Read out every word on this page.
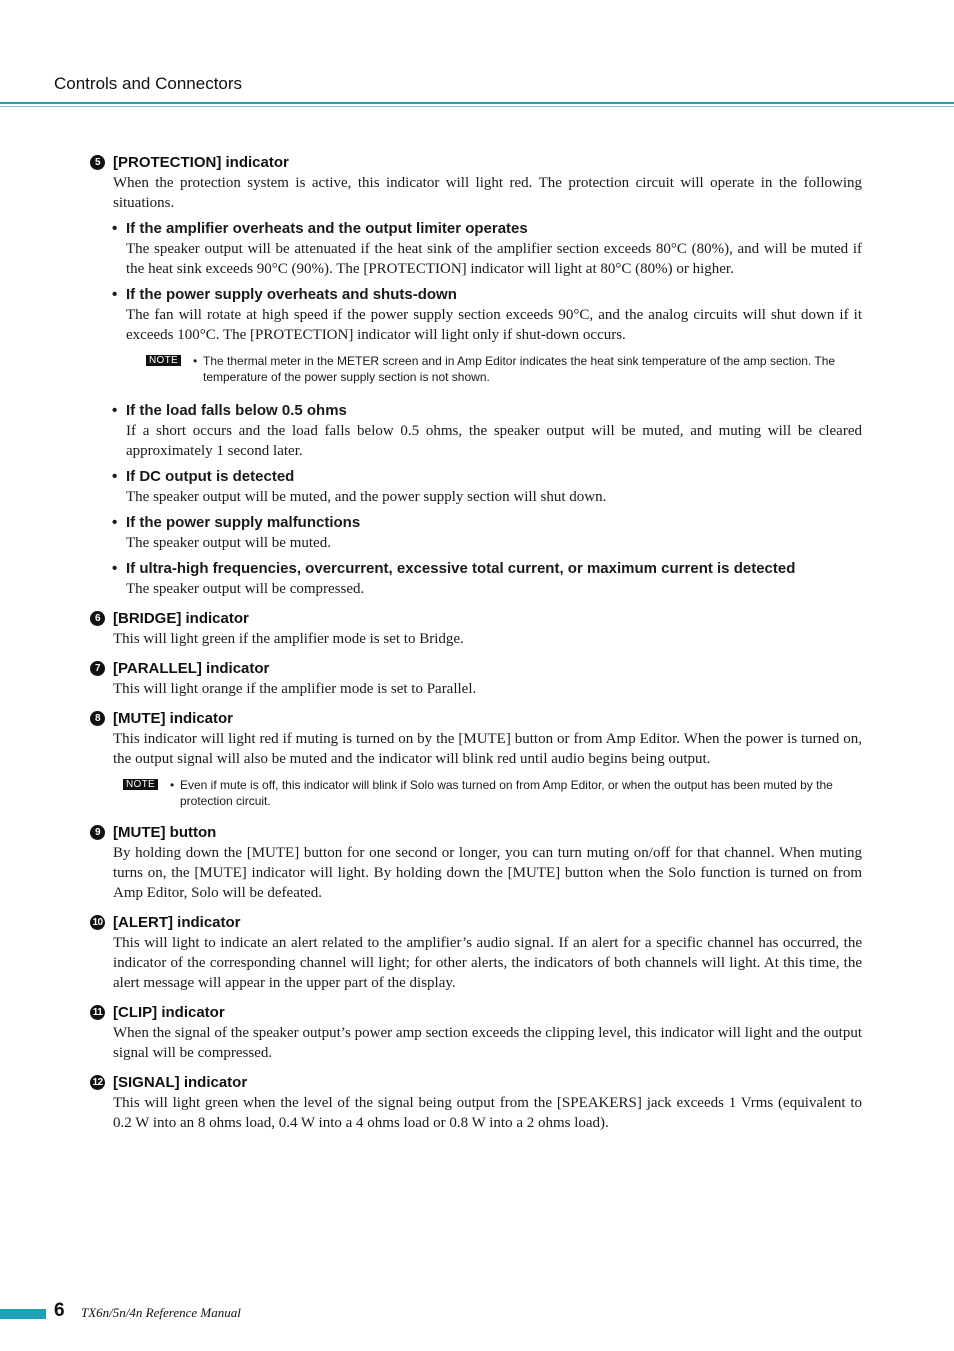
Controls and Connectors
5 [PROTECTION] indicator
When the protection system is active, this indicator will light red. The protection circuit will operate in the following situations.
• If the amplifier overheats and the output limiter operates
The speaker output will be attenuated if the heat sink of the amplifier section exceeds 80°C (80%), and will be muted if the heat sink exceeds 90°C (90%). The [PROTECTION] indicator will light at 80°C (80%) or higher.
• If the power supply overheats and shuts-down
The fan will rotate at high speed if the power supply section exceeds 90°C, and the analog circuits will shut down if it exceeds 100°C. The [PROTECTION] indicator will light only if shut-down occurs.
NOTE • The thermal meter in the METER screen and in Amp Editor indicates the heat sink temperature of the amp section. The temperature of the power supply section is not shown.
• If the load falls below 0.5 ohms
If a short occurs and the load falls below 0.5 ohms, the speaker output will be muted, and muting will be cleared approximately 1 second later.
• If DC output is detected
The speaker output will be muted, and the power supply section will shut down.
• If the power supply malfunctions
The speaker output will be muted.
• If ultra-high frequencies, overcurrent, excessive total current, or maximum current is detected
The speaker output will be compressed.
6 [BRIDGE] indicator
This will light green if the amplifier mode is set to Bridge.
7 [PARALLEL] indicator
This will light orange if the amplifier mode is set to Parallel.
8 [MUTE] indicator
This indicator will light red if muting is turned on by the [MUTE] button or from Amp Editor. When the power is turned on, the output signal will also be muted and the indicator will blink red until audio begins being output.
NOTE • Even if mute is off, this indicator will blink if Solo was turned on from Amp Editor, or when the output has been muted by the protection circuit.
9 [MUTE] button
By holding down the [MUTE] button for one second or longer, you can turn muting on/off for that channel. When muting turns on, the [MUTE] indicator will light. By holding down the [MUTE] button when the Solo function is turned on from Amp Editor, Solo will be defeated.
10 [ALERT] indicator
This will light to indicate an alert related to the amplifier’s audio signal. If an alert for a specific channel has occurred, the indicator of the corresponding channel will light; for other alerts, the indicators of both channels will light. At this time, the alert message will appear in the upper part of the display.
11 [CLIP] indicator
When the signal of the speaker output’s power amp section exceeds the clipping level, this indicator will light and the output signal will be compressed.
12 [SIGNAL] indicator
This will light green when the level of the signal being output from the [SPEAKERS] jack exceeds 1 Vrms (equivalent to 0.2 W into an 8 ohms load, 0.4 W into a 4 ohms load or 0.8 W into a 2 ohms load).
6 TX6n/5n/4n Reference Manual
